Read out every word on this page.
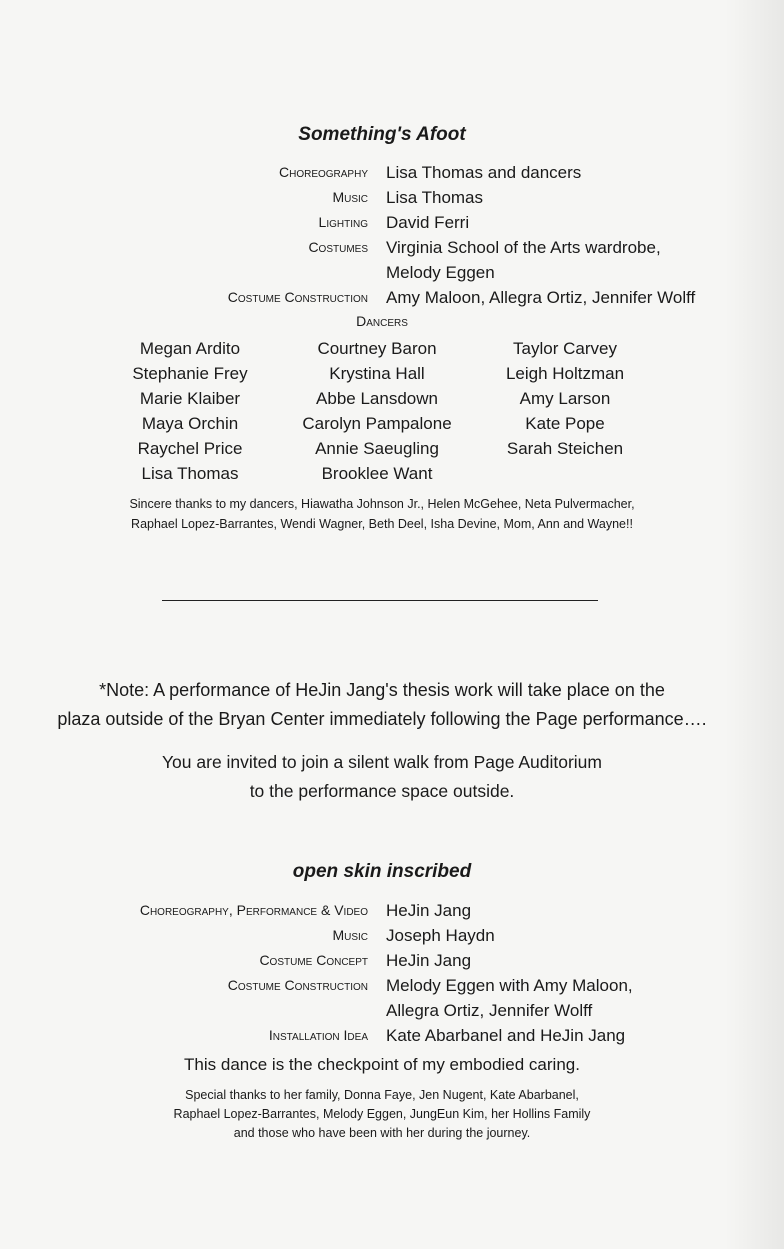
Something's Afoot
Choreography Lisa Thomas and dancers
Music Lisa Thomas
Lighting David Ferri
Costumes Virginia School of the Arts wardrobe,
Melody Eggen
Costume Construction Amy Maloon, Allegra Ortiz, Jennifer Wolff
Dancers
Megan Ardito
Stephanie Frey
Marie Klaiber
Maya Orchin
Raychel Price
Lisa Thomas
Courtney Baron
Krystina Hall
Abbe Lansdown
Carolyn Pampalone
Annie Saeugling
Brooklee Want
Taylor Carvey
Leigh Holtzman
Amy Larson
Kate Pope
Sarah Steichen
Sincere thanks to my dancers, Hiawatha Johnson Jr., Helen McGehee, Neta Pulvermacher,
Raphael Lopez-Barrantes, Wendi Wagner, Beth Deel, Isha Devine, Mom, Ann and Wayne!!
*Note: A performance of HeJin Jang's thesis work will take place on the
plaza outside of the Bryan Center immediately following the Page performance….
You are invited to join a silent walk from Page Auditorium
to the performance space outside.
open skin inscribed
Choreography, Performance & Video HeJin Jang
Music Joseph Haydn
Costume Concept HeJin Jang
Costume Construction Melody Eggen with Amy Maloon,
Allegra Ortiz, Jennifer Wolff
Installation Idea Kate Abarbanel and HeJin Jang
This dance is the checkpoint of my embodied caring.
Special thanks to her family, Donna Faye, Jen Nugent, Kate Abarbanel,
Raphael Lopez-Barrantes, Melody Eggen, JungEun Kim, her Hollins Family
and those who have been with her during the journey.
